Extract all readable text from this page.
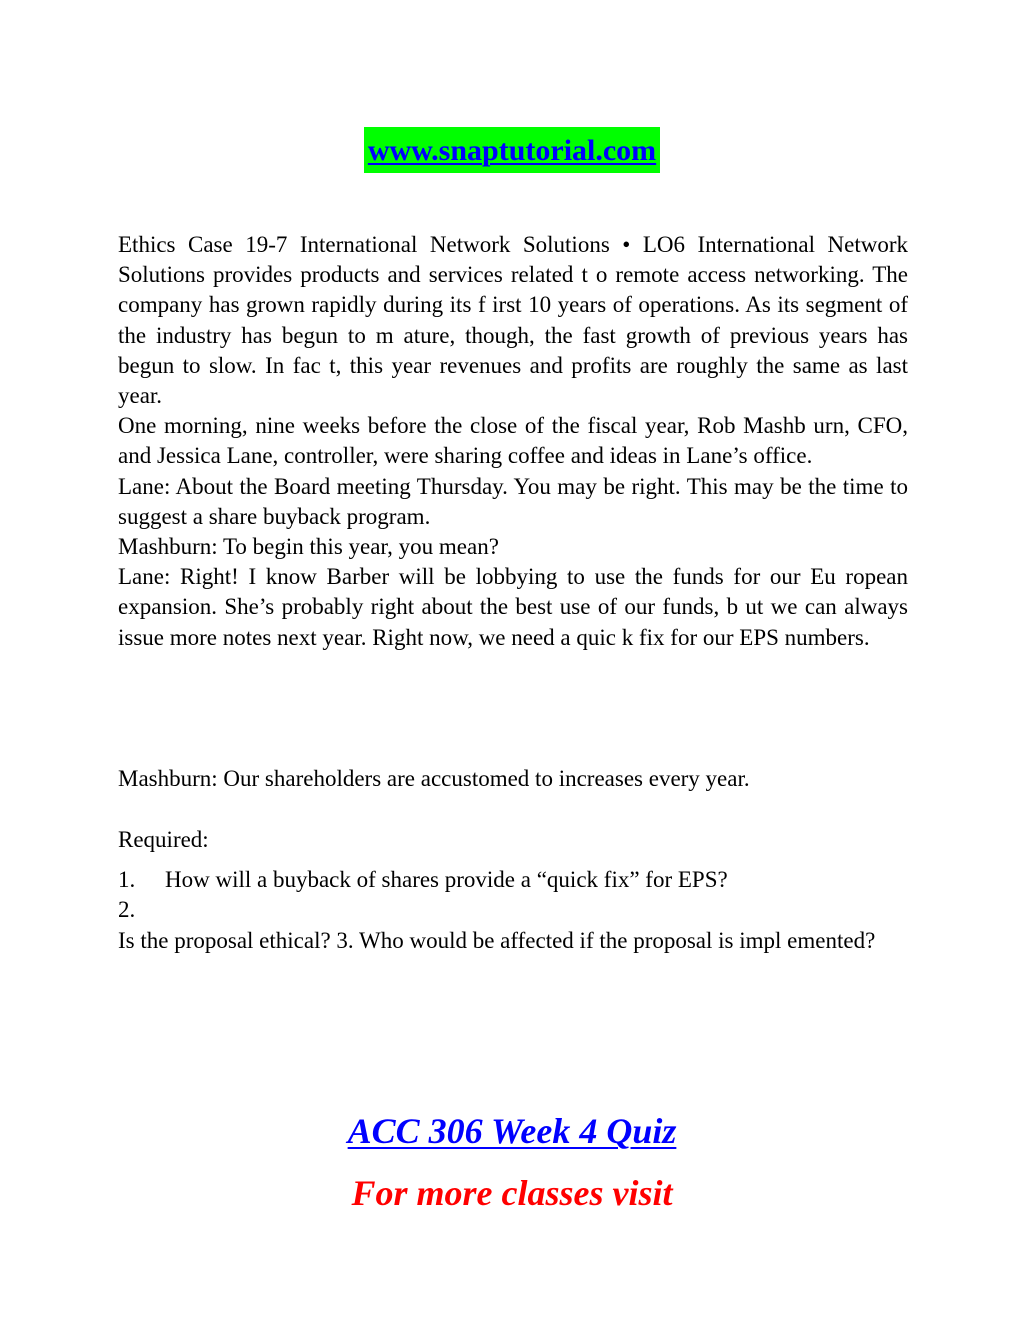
www.snaptutorial.com

Ethics Case 19-7 International Network Solutions • LO6 International Network Solutions provides products and services related t o remote access networking. The company has grown rapidly during its f irst 10 years of operations. As its segment of the industry has begun to m ature, though, the fast growth of previous years has begun to slow. In fac t, this year revenues and profits are roughly the same as last year.

One morning, nine weeks before the close of the fiscal year, Rob Mashb urn, CFO, and Jessica Lane, controller, were sharing coffee and ideas in Lane’s office.

Lane: About the Board meeting Thursday. You may be right. This may be the time to suggest a share buyback program.

Mashburn: To begin this year, you mean?

Lane: Right! I know Barber will be lobbying to use the funds for our Eu ropean expansion. She’s probably right about the best use of our funds, b ut we can always issue more notes next year. Right now, we need a quic k fix for our EPS numbers.

Mashburn: Our shareholders are accustomed to increases every year.

Required:

1.	How will a buyback of shares provide a “quick fix” for EPS?

2.

Is the proposal ethical? 3. Who would be affected if the proposal is impl emented?

ACC 306 Week 4 Quiz
For more classes visit
